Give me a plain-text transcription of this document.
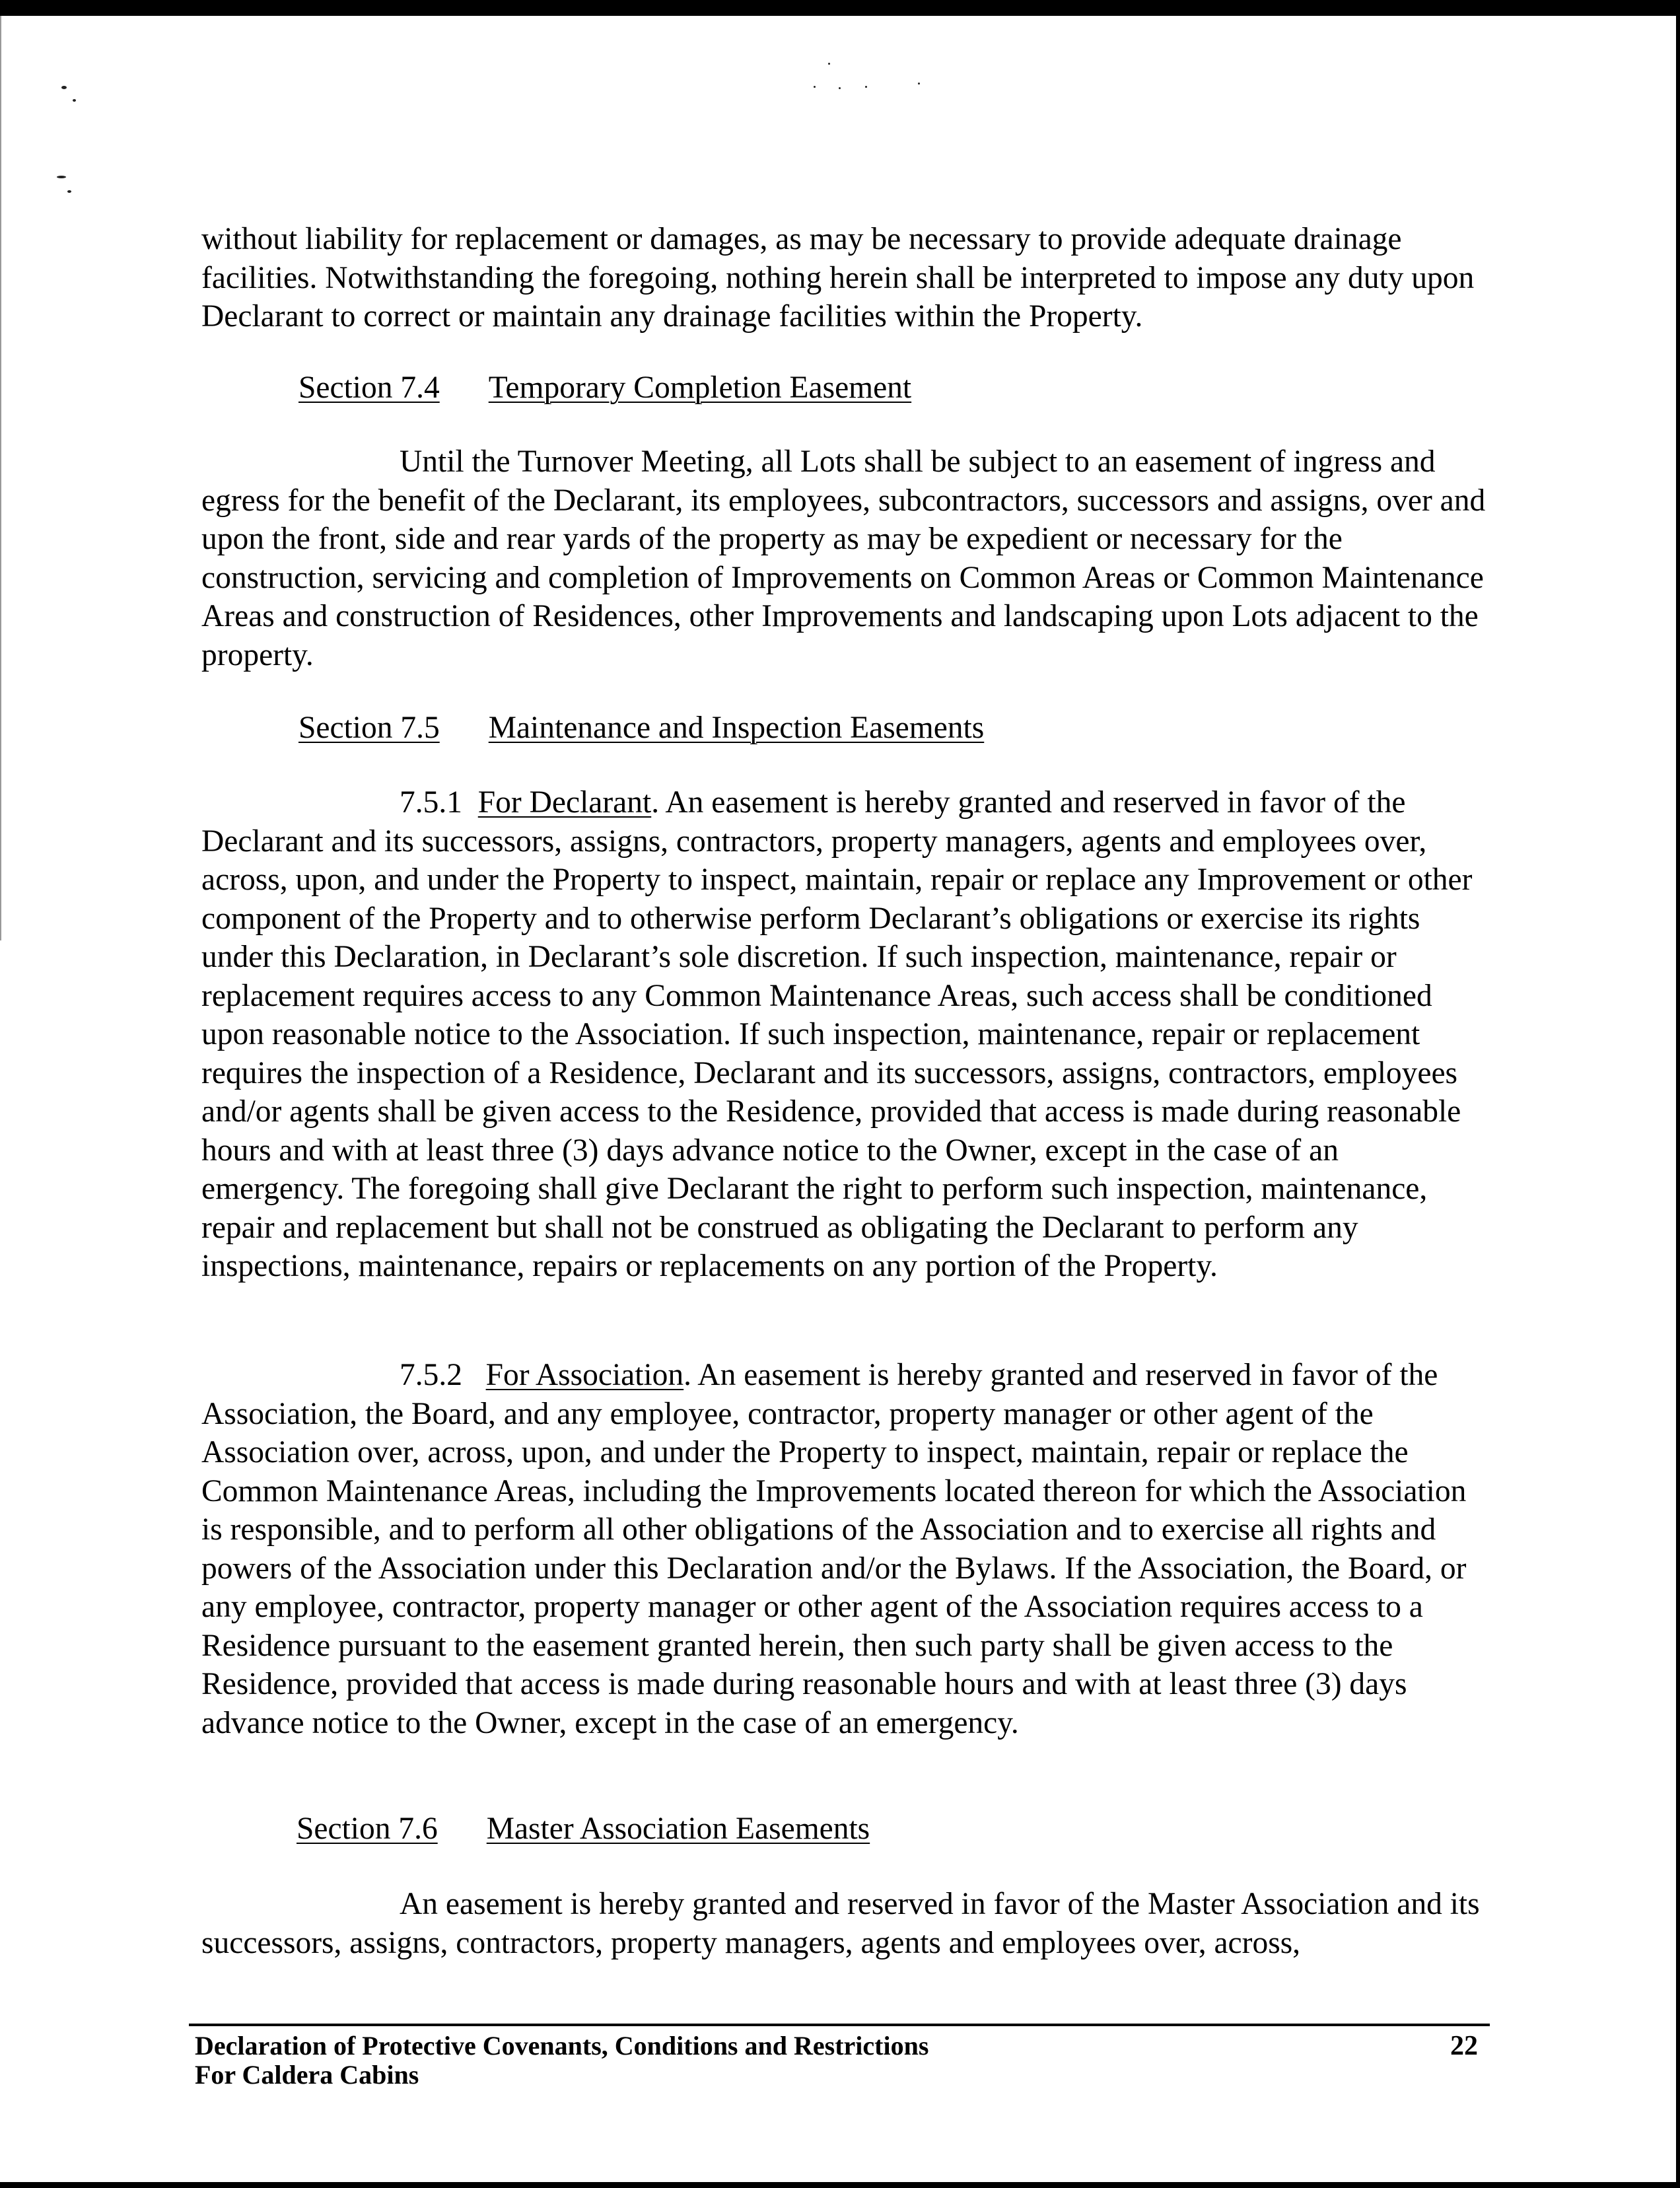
without liability for replacement or damages, as may be necessary to provide adequate drainage facilities. Notwithstanding the foregoing, nothing herein shall be interpreted to impose any duty upon Declarant to correct or maintain any drainage facilities within the Property.

Section 7.4 Temporary Completion Easement

Until the Turnover Meeting, all Lots shall be subject to an easement of ingress and egress for the benefit of the Declarant, its employees, subcontractors, successors and assigns, over and upon the front, side and rear yards of the property as may be expedient or necessary for the construction, servicing and completion of Improvements on Common Areas or Common Maintenance Areas and construction of Residences, other Improvements and landscaping upon Lots adjacent to the property.

Section 7.5 Maintenance and Inspection Easements

7.5.1 For Declarant. An easement is hereby granted and reserved in favor of the Declarant and its successors, assigns, contractors, property managers, agents and employees over, across, upon, and under the Property to inspect, maintain, repair or replace any Improvement or other component of the Property and to otherwise perform Declarant’s obligations or exercise its rights under this Declaration, in Declarant’s sole discretion. If such inspection, maintenance, repair or replacement requires access to any Common Maintenance Areas, such access shall be conditioned upon reasonable notice to the Association. If such inspection, maintenance, repair or replacement requires the inspection of a Residence, Declarant and its successors, assigns, contractors, employees and/or agents shall be given access to the Residence, provided that access is made during reasonable hours and with at least three (3) days advance notice to the Owner, except in the case of an emergency. The foregoing shall give Declarant the right to perform such inspection, maintenance, repair and replacement but shall not be construed as obligating the Declarant to perform any inspections, maintenance, repairs or replacements on any portion of the Property.

7.5.2 For Association. An easement is hereby granted and reserved in favor of the Association, the Board, and any employee, contractor, property manager or other agent of the Association over, across, upon, and under the Property to inspect, maintain, repair or replace the Common Maintenance Areas, including the Improvements located thereon for which the Association is responsible, and to perform all other obligations of the Association and to exercise all rights and powers of the Association under this Declaration and/or the Bylaws. If the Association, the Board, or any employee, contractor, property manager or other agent of the Association requires access to a Residence pursuant to the easement granted herein, then such party shall be given access to the Residence, provided that access is made during reasonable hours and with at least three (3) days advance notice to the Owner, except in the case of an emergency.

Section 7.6 Master Association Easements

An easement is hereby granted and reserved in favor of the Master Association and its successors, assigns, contractors, property managers, agents and employees over, across,

Declaration of Protective Covenants, Conditions and Restrictions
For Caldera Cabins
22
